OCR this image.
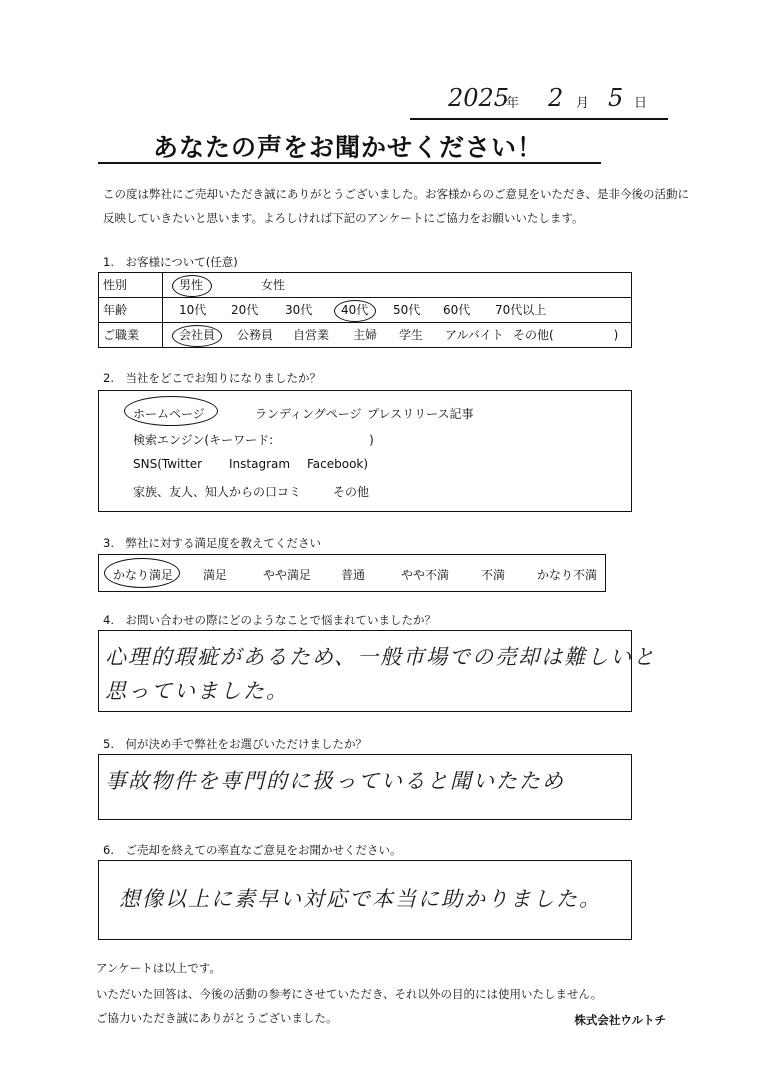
2025
年 2 月 5 日
あなたの声をお聞かせください！
この度は弊社にご売却いただき誠にありがとうございました。お客様からのご意見をいただき、是非今後の活動に
反映していきたいと思います。よろしければ下記のアンケートにご協力をお願いいたします。
1.　お客様について(任意)
性別	男性	女性
年齢	10代 20代 30代 40代 50代 60代 70代以上
ご職業	会社員 公務員 自営業 主婦 学生 アルバイト その他(　　　　　)
2.　当社をどこでお知りになりましたか？
ホームページ	ランディングページ プレスリリース記事
検索エンジン(キーワード:　　　　　　　　)
SNS(Twitter Instagram Facebook)
家族、友人、知人からの口コミ	その他
3.　弊社に対する満足度を教えてください
かなり満足 満足	やや満足 普通	やや不満	不満	かなり不満
4.　お問い合わせの際にどのようなことで悩まれていましたか？
心理的瑕疵があるため、一般市場での売却は難しいと
思っていました。
5.　何が決め手で弊社をお選びいただけましたか？
事故物件を専門的に扱っていると聞いたため
6.　ご売却を終えての率直なご意見をお聞かせください。
想像以上に素早い対応で本当に助かりました。
アンケートは以上です。
いただいた回答は、今後の活動の参考にさせていただき、それ以外の目的には使用いたしません。
ご協力いただき誠にありがとうございました。	株式会社ウルトチ
